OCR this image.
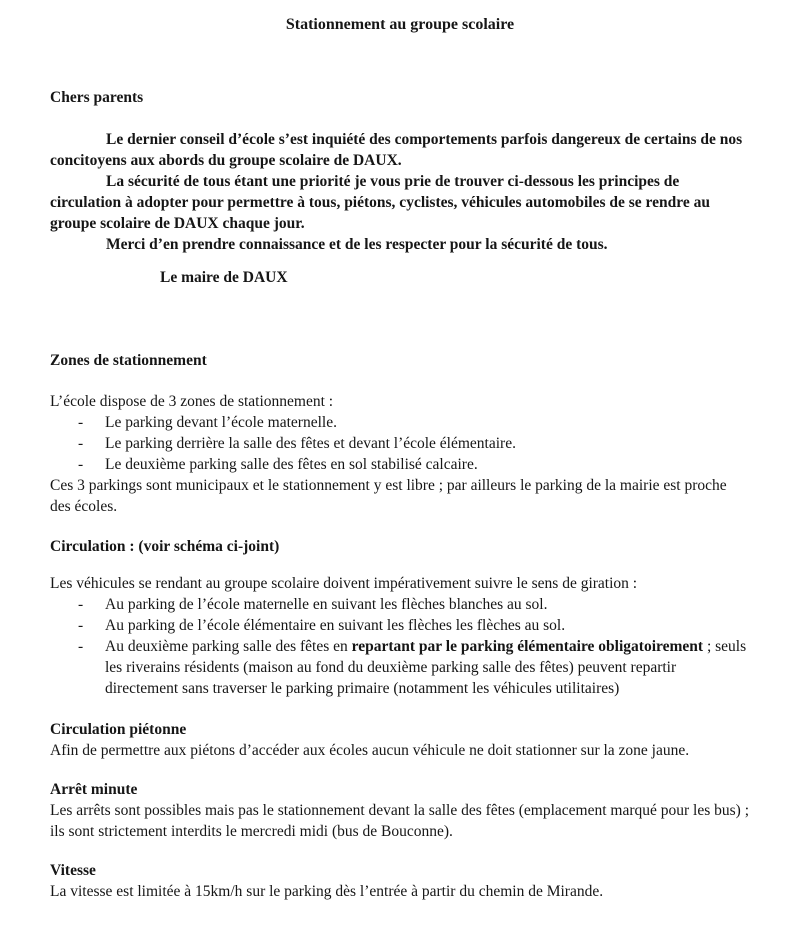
Stationnement au groupe scolaire

Chers parents

Le dernier conseil d’école s’est inquiété des comportements parfois dangereux de certains de nos concitoyens aux abords du groupe scolaire de DAUX.

La sécurité de tous étant une priorité je vous prie de trouver ci-dessous les principes de circulation à adopter pour permettre à tous, piétons, cyclistes, véhicules automobiles de se rendre au groupe scolaire de DAUX chaque jour.

Merci d’en prendre connaissance et de les respecter pour la sécurité de tous.

Le maire de DAUX

Zones de stationnement

L’école dispose de 3 zones de stationnement :

- Le parking devant l’école maternelle.
- Le parking derrière la salle des fêtes et devant l’école élémentaire.
- Le deuxième parking salle des fêtes en sol stabilisé calcaire.

Ces 3 parkings sont municipaux et le stationnement y est libre ; par ailleurs le parking de la mairie est proche des écoles.

Circulation : (voir schéma ci-joint)

Les véhicules se rendant au groupe scolaire doivent impérativement suivre le sens de giration :

- Au parking de l’école maternelle en suivant les flèches blanches au sol.
- Au parking de l’école élémentaire en suivant les flèches les flèches au sol.
- Au deuxième parking salle des fêtes en repartant par le parking élémentaire obligatoirement ; seuls les riverains résidents (maison au fond du deuxième parking salle des fêtes) peuvent repartir directement sans traverser le parking primaire (notamment les véhicules utilitaires)

Circulation piétonne

Afin de permettre aux piétons d’accéder aux écoles aucun véhicule ne doit stationner sur la zone jaune.

Arrêt minute

Les arrêts sont possibles mais pas le stationnement devant la salle des fêtes (emplacement marqué pour les bus) ; ils sont strictement interdits le mercredi midi (bus de Bouconne).

Vitesse

La vitesse est limitée à 15km/h sur le parking dès l’entrée à partir du chemin de Mirande.
